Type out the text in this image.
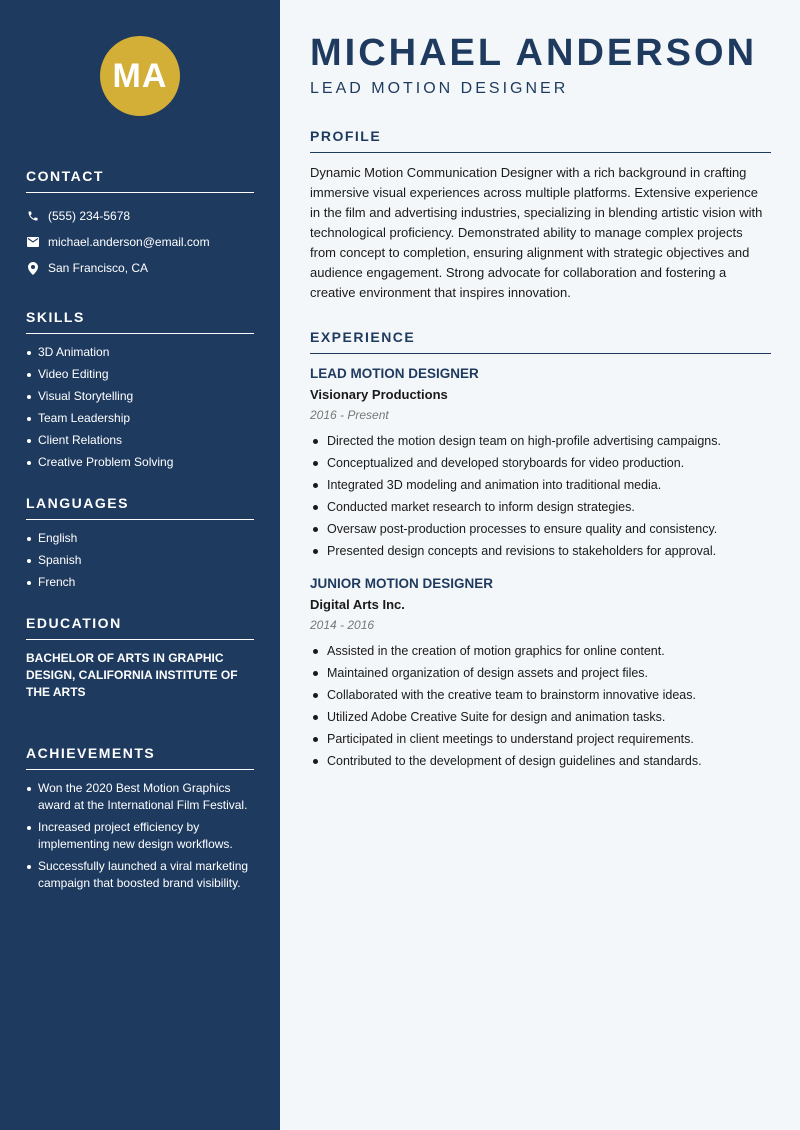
MA
CONTACT
(555) 234-5678
michael.anderson@email.com
San Francisco, CA
SKILLS
3D Animation
Video Editing
Visual Storytelling
Team Leadership
Client Relations
Creative Problem Solving
LANGUAGES
English
Spanish
French
EDUCATION

BACHELOR OF ARTS IN GRAPHIC DESIGN, CALIFORNIA INSTITUTE OF THE ARTS

ACHIEVEMENTS
Won the 2020 Best Motion Graphics award at the International Film Festival.
Increased project efficiency by implementing new design workflows.
Successfully launched a viral marketing campaign that boosted brand visibility.
MICHAEL ANDERSON
LEAD MOTION DESIGNER
PROFILE

Dynamic Motion Communication Designer with a rich background in crafting immersive visual experiences across multiple platforms. Extensive experience in the film and advertising industries, specializing in blending artistic vision with technological proficiency. Demonstrated ability to manage complex projects from concept to completion, ensuring alignment with strategic objectives and audience engagement. Strong advocate for collaboration and fostering a creative environment that inspires innovation.

EXPERIENCE
LEAD MOTION DESIGNER
Visionary Productions
2016 - Present
Directed the motion design team on high-profile advertising campaigns.
Conceptualized and developed storyboards for video production.
Integrated 3D modeling and animation into traditional media.
Conducted market research to inform design strategies.
Oversaw post-production processes to ensure quality and consistency.
Presented design concepts and revisions to stakeholders for approval.
JUNIOR MOTION DESIGNER
Digital Arts Inc.
2014 - 2016
Assisted in the creation of motion graphics for online content.
Maintained organization of design assets and project files.
Collaborated with the creative team to brainstorm innovative ideas.
Utilized Adobe Creative Suite for design and animation tasks.
Participated in client meetings to understand project requirements.
Contributed to the development of design guidelines and standards.
